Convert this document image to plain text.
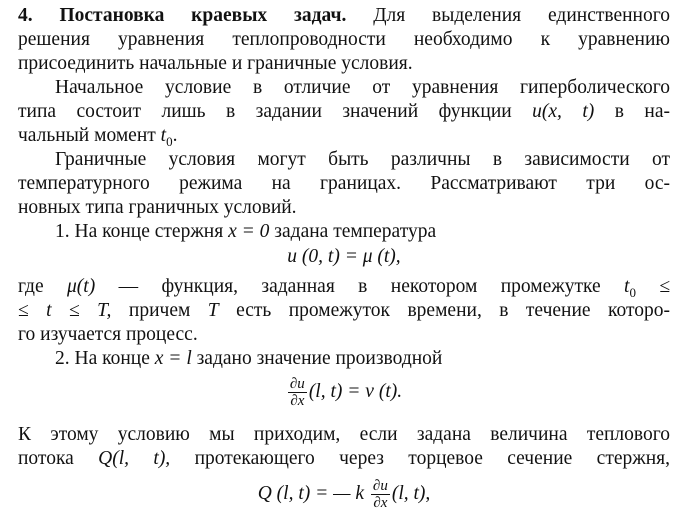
4. Постановка краевых задач. Для выделения единственного
решения уравнения теплопроводности необходимо к уравнению
присоединить начальные и граничные условия.
Начальное условие в отличие от уравнения гиперболического
типа состоит лишь в задании значений функции u(x, t) в на-
чальный момент $t_0$.
Граничные условия могут быть различны в зависимости от
температурного режима на границах. Рассматривают три ос-
новных типа граничных условий.
1. На конце стержня x = 0 задана температура
u (0, t) = μ (t),
где μ(t) — функция, заданная в некотором промежутке $t_0$ ≤
≤ t ≤ T, причем T есть промежуток времени, в течение которо-
го изучается процесс.
2. На конце x = l задано значение производной
$\frac{\partial u}{\partial x} (l$, t) = ν (t).
К этому условию мы приходим, если задана величина теплового
потока Q(l, t), протекающего через торцевое сечение стержня,
Q (l, t) = — k $\frac{\partial u}{\partial x} (l$, t),
